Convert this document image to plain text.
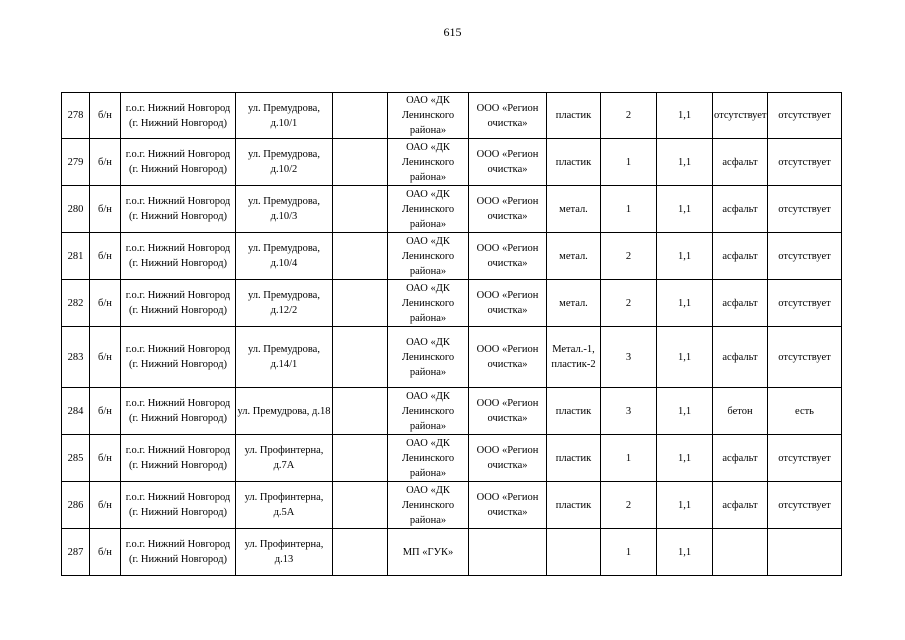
615
278	б/н	г.о.г. Нижний Новгород (г. Нижний Новгород)	ул. Премудрова, д.10/1		ОАО «ДК Ленинского района»	ООО «Регион очистка»	пластик	2	1,1	отсутствует	отсутствует
279	б/н	г.о.г. Нижний Новгород (г. Нижний Новгород)	ул. Премудрова, д.10/2		ОАО «ДК Ленинского района»	ООО «Регион очистка»	пластик	1	1,1	асфальт	отсутствует
280	б/н	г.о.г. Нижний Новгород (г. Нижний Новгород)	ул. Премудрова, д.10/3		ОАО «ДК Ленинского района»	ООО «Регион очистка»	метал.	1	1,1	асфальт	отсутствует
281	б/н	г.о.г. Нижний Новгород (г. Нижний Новгород)	ул. Премудрова, д.10/4		ОАО «ДК Ленинского района»	ООО «Регион очистка»	метал.	2	1,1	асфальт	отсутствует
282	б/н	г.о.г. Нижний Новгород (г. Нижний Новгород)	ул. Премудрова, д.12/2		ОАО «ДК Ленинского района»	ООО «Регион очистка»	метал.	2	1,1	асфальт	отсутствует
283	б/н	г.о.г. Нижний Новгород (г. Нижний Новгород)	ул. Премудрова, д.14/1		ОАО «ДК Ленинского района»	ООО «Регион очистка»	Метал.-1, пластик-2	3	1,1	асфальт	отсутствует
284	б/н	г.о.г. Нижний Новгород (г. Нижний Новгород)	ул. Премудрова, д.18		ОАО «ДК Ленинского района»	ООО «Регион очистка»	пластик	3	1,1	бетон	есть
285	б/н	г.о.г. Нижний Новгород (г. Нижний Новгород)	ул. Профинтерна, д.7А		ОАО «ДК Ленинского района»	ООО «Регион очистка»	пластик	1	1,1	асфальт	отсутствует
286	б/н	г.о.г. Нижний Новгород (г. Нижний Новгород)	ул. Профинтерна, д.5А		ОАО «ДК Ленинского района»	ООО «Регион очистка»	пластик	2	1,1	асфальт	отсутствует
287	б/н	г.о.г. Нижний Новгород (г. Нижний Новгород)	ул. Профинтерна, д.13		МП «ГУК»			1	1,1		
